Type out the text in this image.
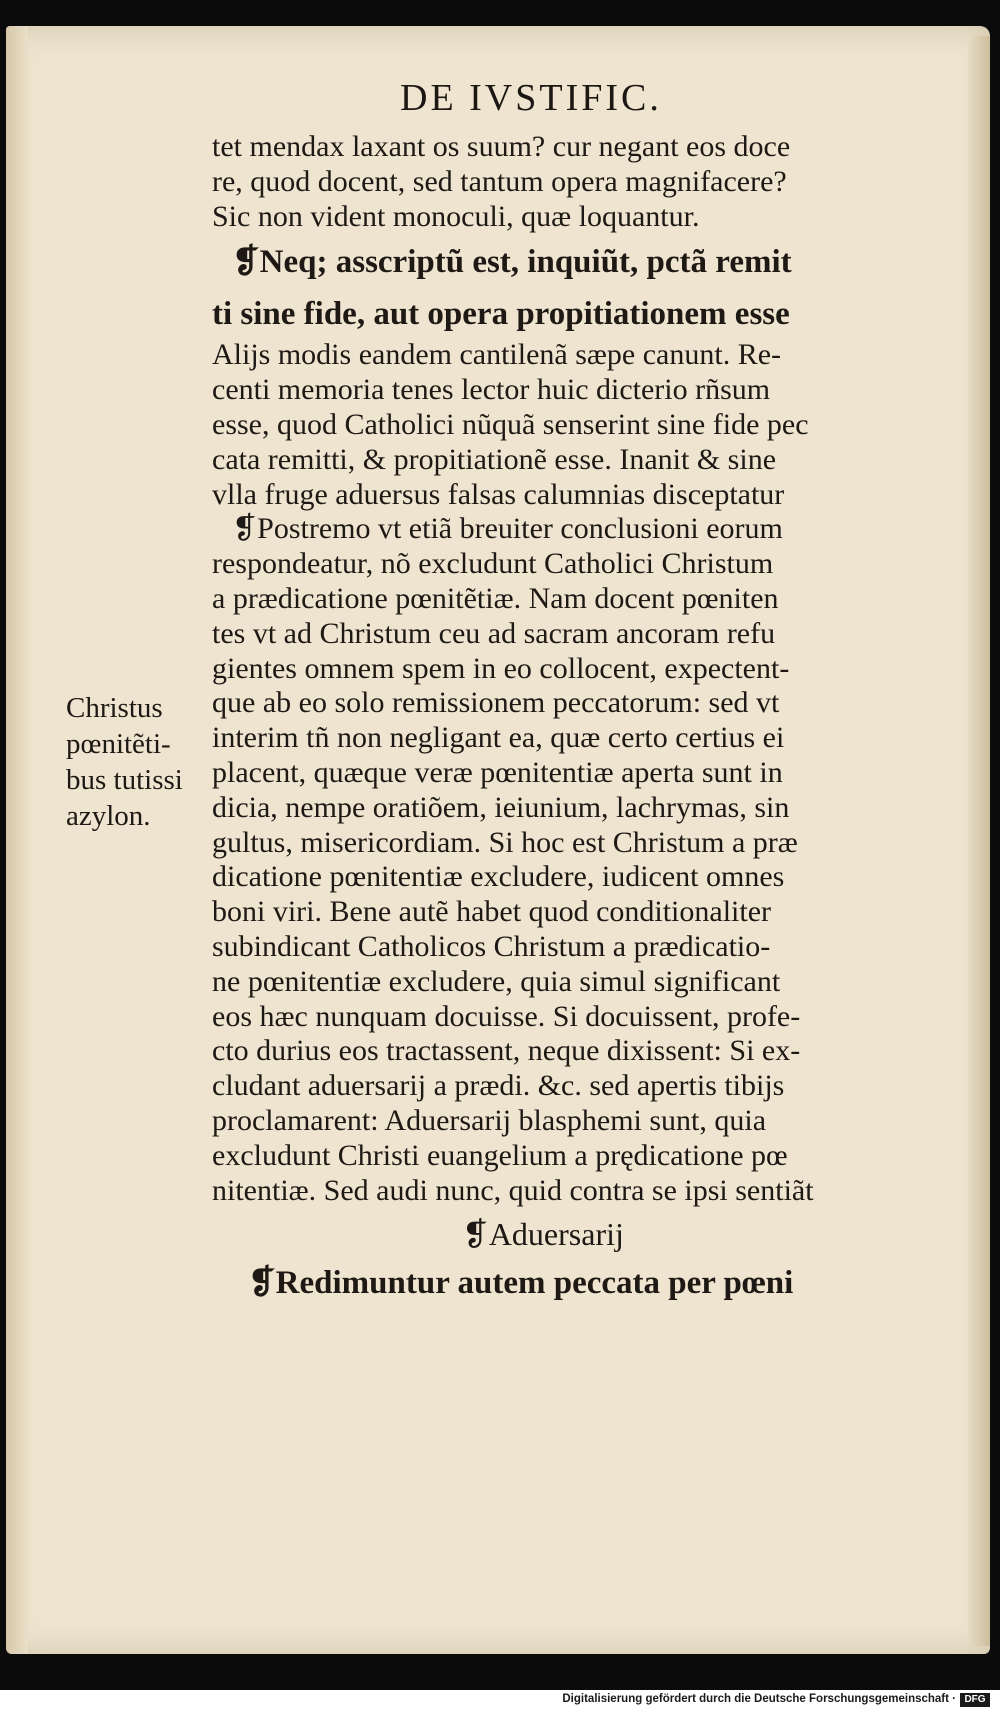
DE IVSTIFIC.
tet mendax laxant os suum? cur negant eos doce
re, quod docent, sed tantum opera magnifacere?
Sic non vident monoculi, quæ loquantur.
❡Neq; asscriptũ est, inquiũt, pctã remit
ti sine fide, aut opera propitiationem esse
Alijs modis eandem cantilenã sæpe canunt. Re-
centi memoria tenes lector huic dicterio rñsum
esse, quod Catholici nũquã senserint sine fide pec
cata remitti, & propitiationẽ esse. Inanit & sine
vlla fruge aduersus falsas calumnias disceptatur
❡Postremo vt etiã breuiter conclusioni eorum
respondeatur, nõ excludunt Catholici Christum
a prædicatione pœnitẽtiæ. Nam docent pœniten
tes vt ad Christum ceu ad sacram ancoram refu
gientes omnem spem in eo collocent, expectent-
que ab eo solo remissionem peccatorum: sed vt
interim tñ non negligant ea, quæ certo certius ei
placent, quæque veræ pœnitentiæ aperta sunt in
dicia, nempe oratiõem, ieiunium, lachrymas, sin
gultus, misericordiam. Si hoc est Christum a præ
dicatione pœnitentiæ excludere, iudicent omnes
boni viri. Bene autẽ habet quod conditionaliter
subindicant Catholicos Christum a prædicatio-
ne pœnitentiæ excludere, quia simul significant
eos hæc nunquam docuisse. Si docuissent, profe-
cto durius eos tractassent, neque dixissent: Si ex-
cludant aduersarij a prædi. &c. sed apertis tibijs
proclamarent: Aduersarij blasphemi sunt, quia
excludunt Christi euangelium a prędicatione pœ
nitentiæ. Sed audi nunc, quid contra se ipsi sentiãt
❡Aduersarij
❡Redimuntur autem peccata per pœni
Christus
pœnitẽti-
bus tutissi
azylon.
Digitalisierung gefördert durch die Deutsche Forschungsgemeinschaft · DFG
